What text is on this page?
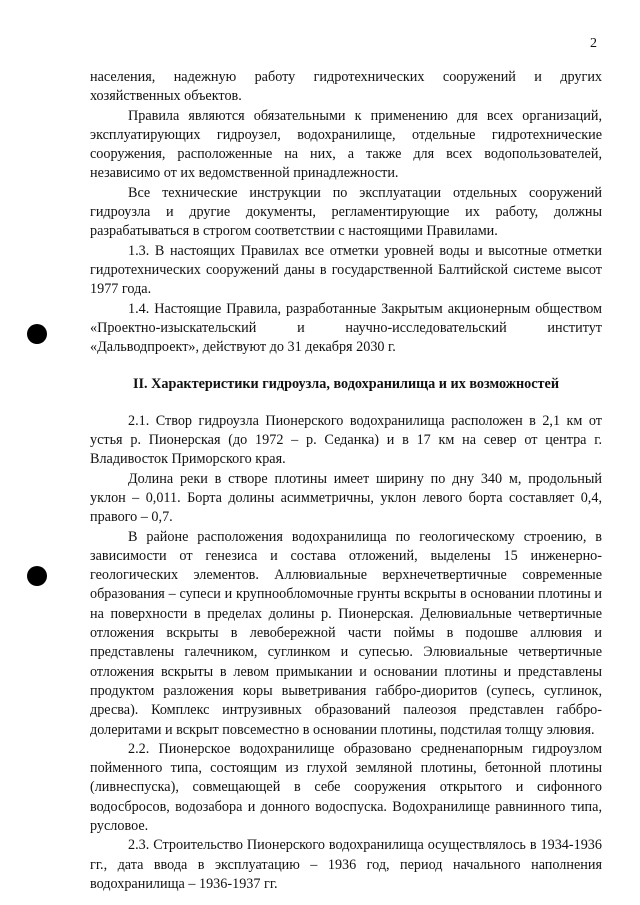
2

населения, надежную работу гидротехнических сооружений и других хозяйственных объектов.

Правила являются обязательными к применению для всех организаций, эксплуатирующих гидроузел, водохранилище, отдельные гидротехнические сооружения, расположенные на них, а также для всех водопользователей, независимо от их ведомственной принадлежности.

Все технические инструкции по эксплуатации отдельных сооружений гидроузла и другие документы, регламентирующие их работу, должны разрабатываться в строгом соответствии с настоящими Правилами.

1.3. В настоящих Правилах все отметки уровней воды и высотные отметки гидротехнических сооружений даны в государственной Балтийской системе высот 1977 года.

1.4. Настоящие Правила, разработанные Закрытым акционерным обществом «Проектно-изыскательский и научно-исследовательский институт «Дальводпроект», действуют до 31 декабря 2030 г.

II. Характеристики гидроузла, водохранилища и их возможностей

2.1. Створ гидроузла Пионерского водохранилища расположен в 2,1 км от устья р. Пионерская (до 1972 – р. Седанка) и в 17 км на север от центра г. Владивосток Приморского края.

Долина реки в створе плотины имеет ширину по дну 340 м, продольный уклон – 0,011. Борта долины асимметричны, уклон левого борта составляет 0,4, правого – 0,7.

В районе расположения водохранилища по геологическому строению, в зависимости от генезиса и состава отложений, выделены 15 инженерно-геологических элементов. Аллювиальные верхнечетвертичные современные образования – супеси и крупнообломочные грунты вскрыты в основании плотины и на поверхности в пределах долины р. Пионерская. Делювиальные четвертичные отложения вскрыты в левобережной части поймы в подошве аллювия и представлены галечником, суглинком и супесью. Элювиальные четвертичные отложения вскрыты в левом примыкании и основании плотины и представлены продуктом разложения коры выветривания габбро-диоритов (супесь, суглинок, дресва). Комплекс интрузивных образований палеозоя представлен габбро-долеритами и вскрыт повсеместно в основании плотины, подстилая толщу элювия.

2.2. Пионерское водохранилище образовано средненапорным гидроузлом пойменного типа, состоящим из глухой земляной плотины, бетонной плотины (ливнеспуска), совмещающей в себе сооружения открытого и сифонного водосбросов, водозабора и донного водоспуска. Водохранилище равнинного типа, русловое.

2.3. Строительство Пионерского водохранилища осуществлялось в 1934-1936 гг., дата ввода в эксплуатацию – 1936 год, период начального наполнения водохранилища – 1936-1937 гг.
